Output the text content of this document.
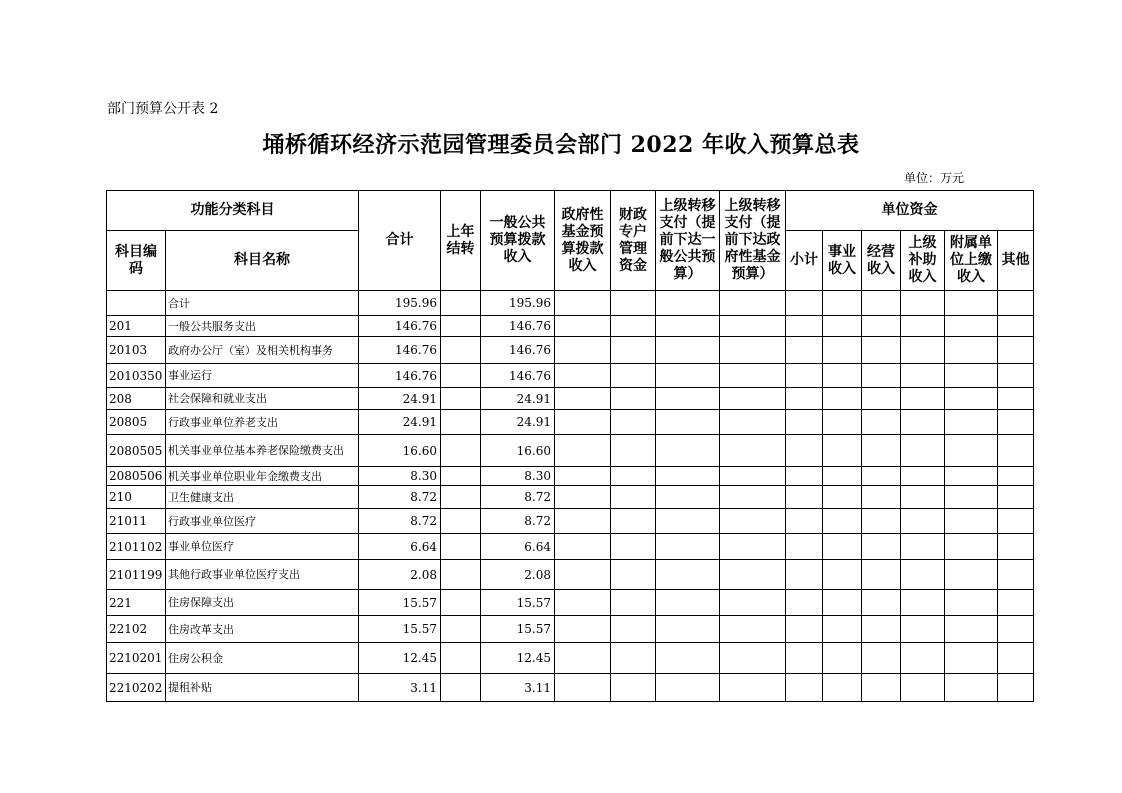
部门预算公开表 2
埇桥循环经济示范园管理委员会部门 2022 年收入预算总表
单位：万元
功能分类科目		合计	上年结转	一般公共预算拨款收入	政府性基金预算拨款收入	财政专户管理资金	上级转移支付（提前下达一般公共预算）	上级转移支付（提前下达政府性基金预算）	单位资金					
科目编码	科目名称								小计	事业收入	经营收入	上级补助收入	附属单位上缴收入	其他
	合计	195.96		195.96										
201	一般公共服务支出	146.76		146.76										
20103	政府办公厅（室）及相关机构事务	146.76		146.76										
2010350	事业运行	146.76		146.76										
208	社会保障和就业支出	24.91		24.91										
20805	行政事业单位养老支出	24.91		24.91										
2080505	机关事业单位基本养老保险缴费支出	16.60		16.60										
2080506	机关事业单位职业年金缴费支出	8.30		8.30										
210	卫生健康支出	8.72		8.72										
21011	行政事业单位医疗	8.72		8.72										
2101102	事业单位医疗	6.64		6.64										
2101199	其他行政事业单位医疗支出	2.08		2.08										
221	住房保障支出	15.57		15.57										
22102	住房改革支出	15.57		15.57										
2210201	住房公积金	12.45		12.45										
2210202	提租补贴	3.11		3.11										
